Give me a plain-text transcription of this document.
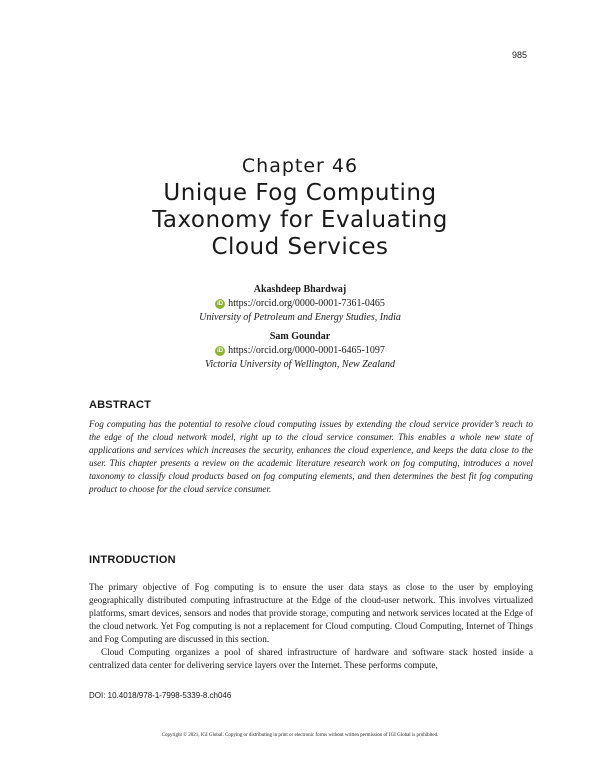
985
Chapter 46
Unique Fog Computing
Taxonomy for Evaluating
Cloud Services
Akashdeep Bhardwaj
iD https://orcid.org/0000-0001-7361-0465
University of Petroleum and Energy Studies, India
Sam Goundar
iD https://orcid.org/0000-0001-6465-1097
Victoria University of Wellington, New Zealand
ABSTRACT

Fog computing has the potential to resolve cloud computing issues by extending the cloud service provider’s reach to the edge of the cloud network model, right up to the cloud service consumer. This enables a whole new state of applications and services which increases the security, enhances the cloud experience, and keeps the data close to the user. This chapter presents a review on the academic literature research work on fog computing, introduces a novel taxonomy to classify cloud products based on fog computing elements, and then determines the best fit fog computing product to choose for the cloud service consumer.

INTRODUCTION

The primary objective of Fog computing is to ensure the user data stays as close to the user by employing geographically distributed computing infrastructure at the Edge of the cloud-user network. This involves virtualized platforms, smart devices, sensors and nodes that provide storage, computing and network services located at the Edge of the cloud network. Yet Fog computing is not a replacement for Cloud computing. Cloud Computing, Internet of Things and Fog Computing are discussed in this section.

Cloud Computing organizes a pool of shared infrastructure of hardware and software stack hosted inside a centralized data center for delivering service layers over the Internet. These performs compute,

DOI: 10.4018/978-1-7998-5339-8.ch046
Copyright © 2021, IGI Global. Copying or distributing in print or electronic forms without written permission of IGI Global is prohibited.
